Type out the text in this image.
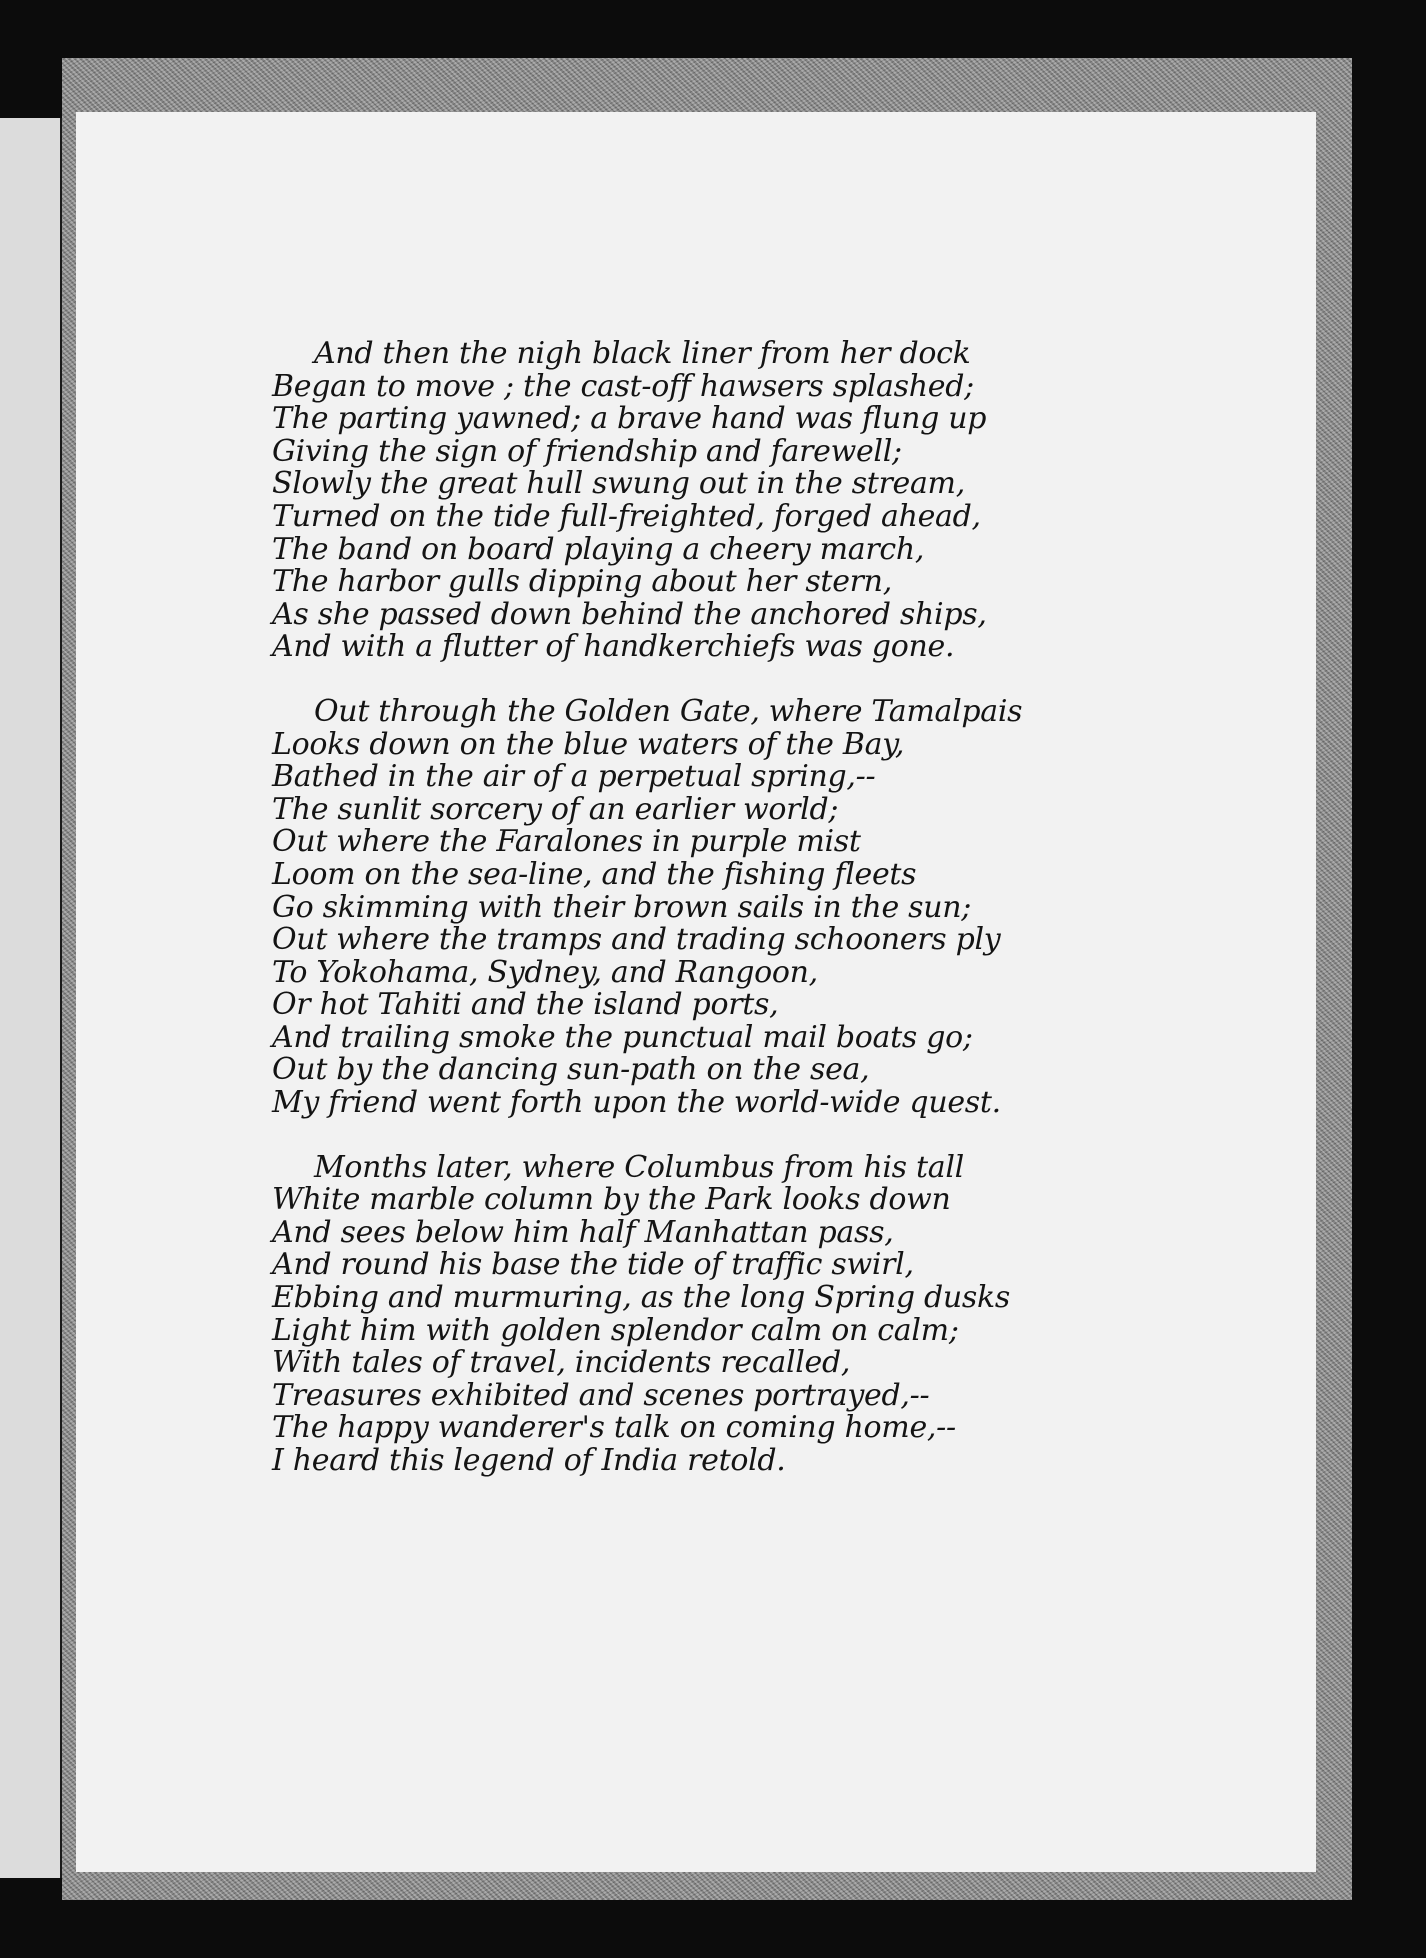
And then the nigh black liner from her dock
Began to move ; the cast-off hawsers splashed;
The parting yawned; a brave hand was flung up
Giving the sign of friendship and farewell;
Slowly the great hull swung out in the stream,
Turned on the tide full-freighted, forged ahead,
The band on board playing a cheery march,
The harbor gulls dipping about her stern,
As she passed down behind the anchored ships,
And with a flutter of handkerchiefs was gone.
Out through the Golden Gate, where Tamalpais
Looks down on the blue waters of the Bay,
Bathed in the air of a perpetual spring,--
The sunlit sorcery of an earlier world;
Out where the Faralones in purple mist
Loom on the sea-line, and the fishing fleets
Go skimming with their brown sails in the sun;
Out where the tramps and trading schooners ply
To Yokohama, Sydney, and Rangoon,
Or hot Tahiti and the island ports,
And trailing smoke the punctual mail boats go;
Out by the dancing sun-path on the sea,
My friend went forth upon the world-wide quest.
Months later, where Columbus from his tall
White marble column by the Park looks down
And sees below him half Manhattan pass,
And round his base the tide of traffic swirl,
Ebbing and murmuring, as the long Spring dusks
Light him with golden splendor calm on calm;
With tales of travel, incidents recalled,
Treasures exhibited and scenes portrayed,--
The happy wanderer's talk on coming home,--
I heard this legend of India retold.
